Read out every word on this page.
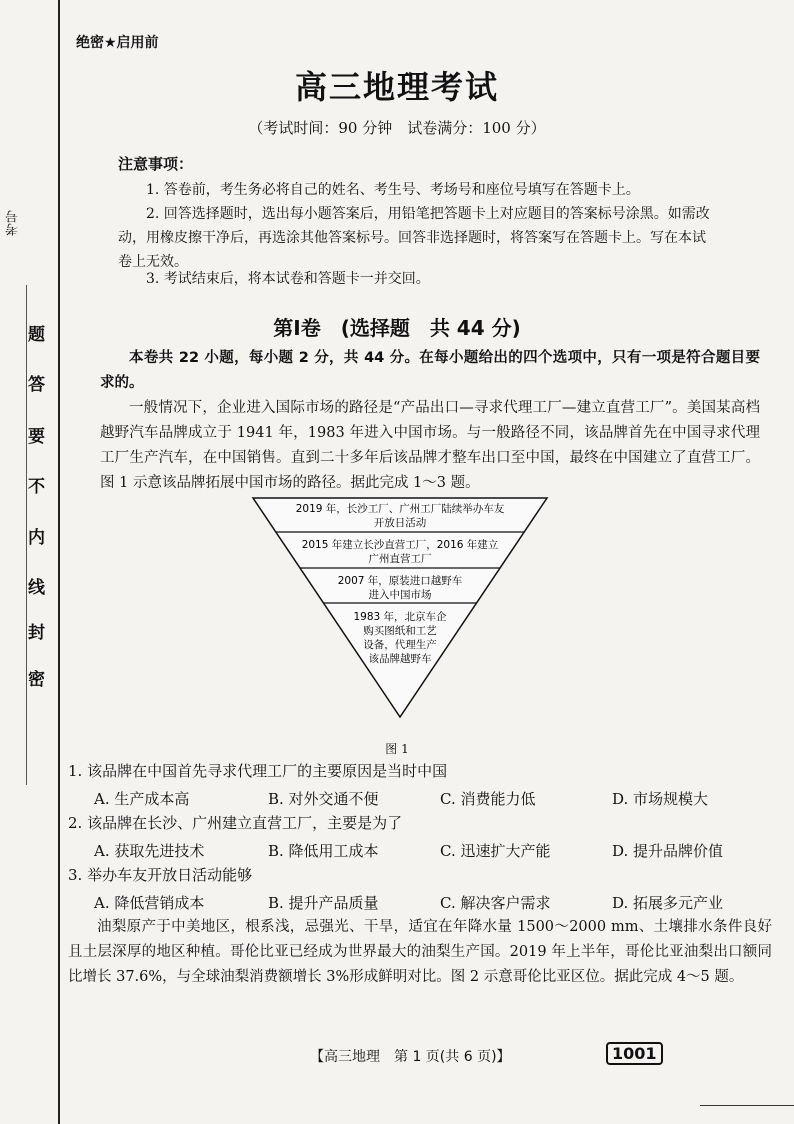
考号
密
封
线
内
不
要
答
题
绝密★启用前
高三地理考试
（考试时间：90 分钟　试卷满分：100 分）
注意事项：
1. 答卷前，考生务必将自己的姓名、考生号、考场号和座位号填写在答题卡上。
2. 回答选择题时，选出每小题答案后，用铅笔把答题卡上对应题目的答案标号涂黑。如需改动，用橡皮擦干净后，再选涂其他答案标号。回答非选择题时，将答案写在答题卡上。写在本试卷上无效。
3. 考试结束后，将本试卷和答题卡一并交回。
第Ⅰ卷　(选择题　共 44 分)
本卷共 22 小题，每小题 2 分，共 44 分。在每小题给出的四个选项中，只有一项是符合题目要求的。
一般情况下，企业进入国际市场的路径是“产品出口—寻求代理工厂—建立直营工厂”。美国某高档越野汽车品牌成立于 1941 年，1983 年进入中国市场。与一般路径不同，该品牌首先在中国寻求代理工厂生产汽车，在中国销售。直到二十多年后该品牌才整车出口至中国，最终在中国建立了直营工厂。图 1 示意该品牌拓展中国市场的路径。据此完成 1～3 题。
2019 年，长沙工厂、广州工厂陆续举办车友
开放日活动
2015 年建立长沙直营工厂，2016 年建立
广州直营工厂
2007 年，原装进口越野车
进入中国市场
1983 年，北京车企
购买图纸和工艺
设备，代理生产
该品牌越野车
图 1
1. 该品牌在中国首先寻求代理工厂的主要原因是当时中国
A. 生产成本高	B. 对外交通不便	C. 消费能力低	D. 市场规模大
2. 该品牌在长沙、广州建立直营工厂，主要是为了
A. 获取先进技术	B. 降低用工成本	C. 迅速扩大产能	D. 提升品牌价值
3. 举办车友开放日活动能够
A. 降低营销成本	B. 提升产品质量	C. 解决客户需求	D. 拓展多元产业
油梨原产于中美地区，根系浅，忌强光、干旱，适宜在年降水量 1500～2000 mm、土壤排水条件良好且土层深厚的地区种植。哥伦比亚已经成为世界最大的油梨生产国。2019 年上半年，哥伦比亚油梨出口额同比增长 37.6%，与全球油梨消费额增长 3%形成鲜明对比。图 2 示意哥伦比亚区位。据此完成 4～5 题。
【高三地理　第 1 页(共 6 页)】	1001
